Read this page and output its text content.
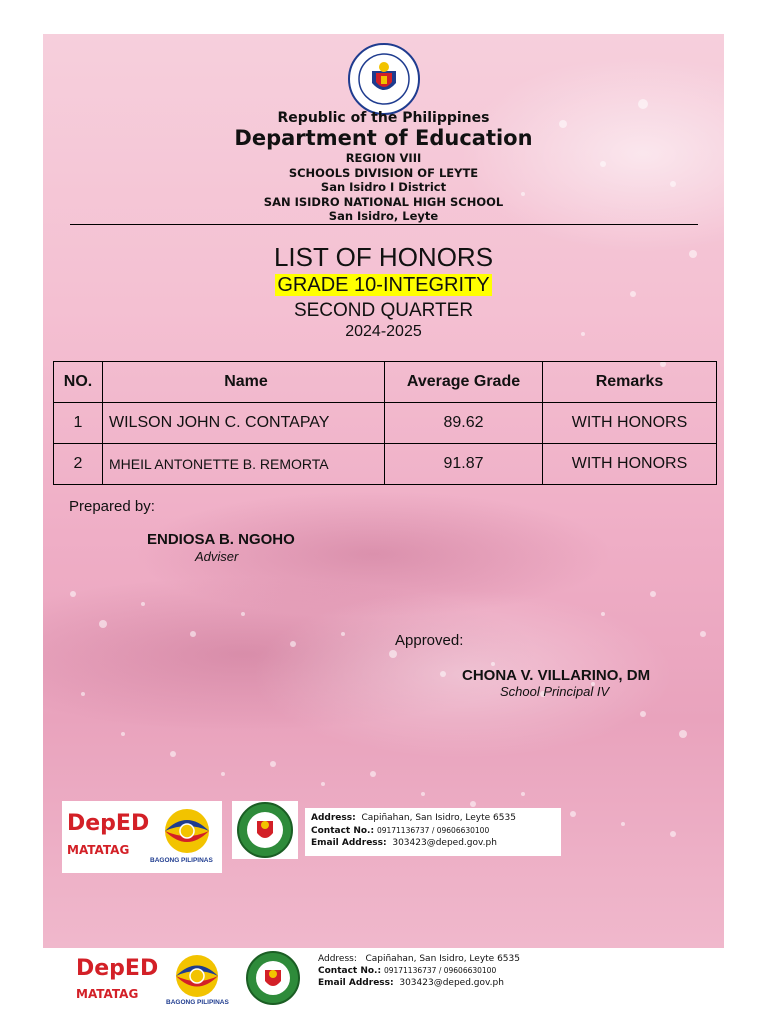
Republic of the Philippines
Department of Education
REGION VIII
SCHOOLS DIVISION OF LEYTE
San Isidro I District
SAN ISIDRO NATIONAL HIGH SCHOOL
San Isidro, Leyte
LIST OF HONORS
GRADE 10-INTEGRITY
SECOND QUARTER
2024-2025
NO.	Name	Average Grade	Remarks
1	WILSON JOHN C. CONTAPAY	89.62	WITH HONORS
2	MHEIL ANTONETTE B. REMORTA	91.87	WITH HONORS
Prepared by:
ENDIOSA B. NGOHO
Adviser
Approved:
CHONA V. VILLARINO, DM
School Principal IV
DepED
MATATAG
BAGONG PILIPINAS
Address: Capiñahan, San Isidro, Leyte 6535
Contact No.: 09171136737 / 09606630100
Email Address: 303423@deped.gov.ph
DepED
MATATAG
BAGONG PILIPINAS
Address: Capiñahan, San Isidro, Leyte 6535
Contact No.: 09171136737 / 09606630100
Email Address: 303423@deped.gov.ph
